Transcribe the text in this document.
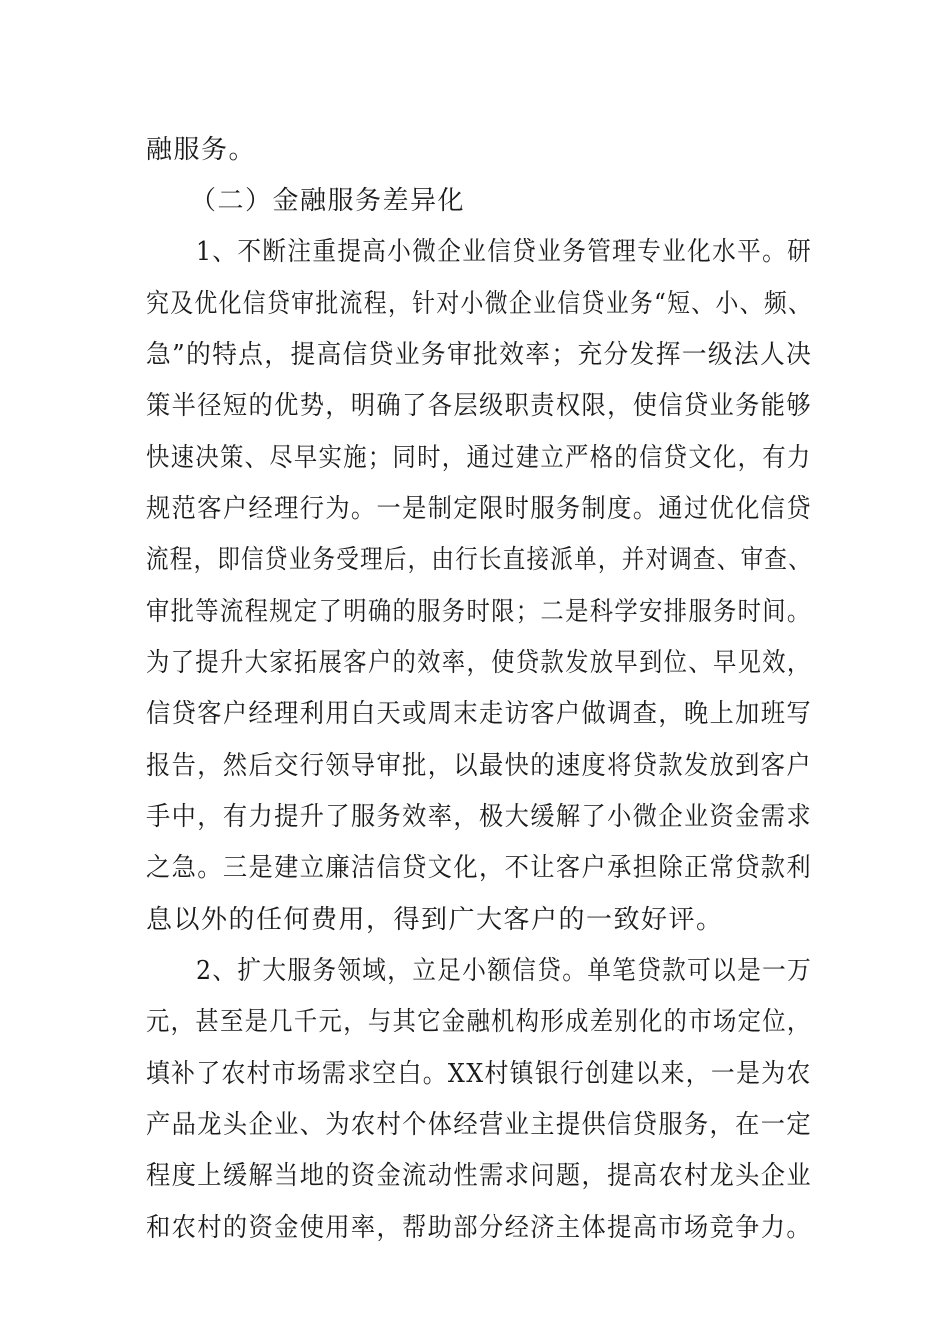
融服务。
（二）金融服务差异化
1、不断注重提高小微企业信贷业务管理专业化水平。研
究及优化信贷审批流程，针对小微企业信贷业务“短、小、频、
急”的特点，提高信贷业务审批效率；充分发挥一级法人决
策半径短的优势，明确了各层级职责权限，使信贷业务能够
快速决策、尽早实施；同时，通过建立严格的信贷文化，有力
规范客户经理行为。一是制定限时服务制度。通过优化信贷
流程，即信贷业务受理后，由行长直接派单，并对调查、审查、
审批等流程规定了明确的服务时限；二是科学安排服务时间。
为了提升大家拓展客户的效率，使贷款发放早到位、早见效，
信贷客户经理利用白天或周末走访客户做调查，晚上加班写
报告，然后交行领导审批，以最快的速度将贷款发放到客户
手中，有力提升了服务效率，极大缓解了小微企业资金需求
之急。三是建立廉洁信贷文化，不让客户承担除正常贷款利
息以外的任何费用，得到广大客户的一致好评。
2、扩大服务领域，立足小额信贷。单笔贷款可以是一万
元，甚至是几千元，与其它金融机构形成差别化的市场定位，
填补了农村市场需求空白。XX村镇银行创建以来，一是为农
产品龙头企业、为农村个体经营业主提供信贷服务，在一定
程度上缓解当地的资金流动性需求问题，提高农村龙头企业
和农村的资金使用率，帮助部分经济主体提高市场竞争力。
